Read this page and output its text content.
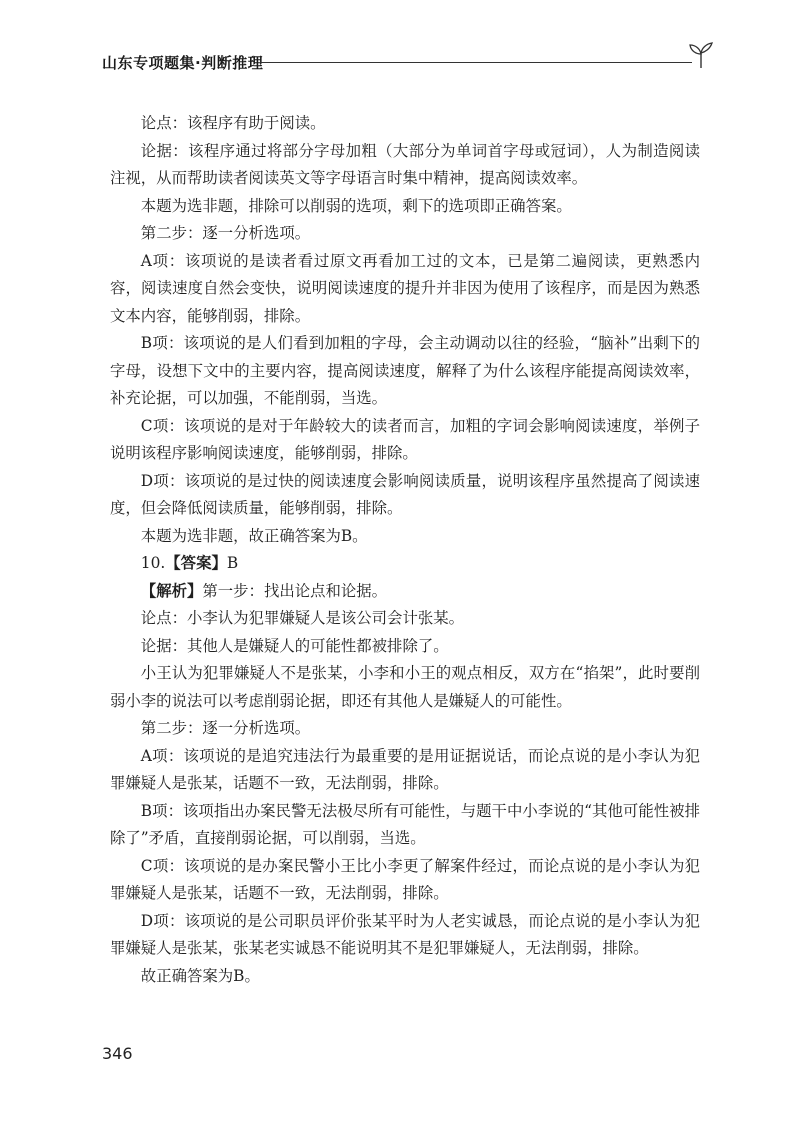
山东专项题集·判断推理

论点：该程序有助于阅读。

论据：该程序通过将部分字母加粗（大部分为单词首字母或冠词），人为制造阅读注视，从而帮助读者阅读英文等字母语言时集中精神，提高阅读效率。

本题为选非题，排除可以削弱的选项，剩下的选项即正确答案。

第二步：逐一分析选项。

A项：该项说的是读者看过原文再看加工过的文本，已是第二遍阅读，更熟悉内容，阅读速度自然会变快，说明阅读速度的提升并非因为使用了该程序，而是因为熟悉文本内容，能够削弱，排除。

B项：该项说的是人们看到加粗的字母，会主动调动以往的经验，“脑补”出剩下的字母，设想下文中的主要内容，提高阅读速度，解释了为什么该程序能提高阅读效率，补充论据，可以加强，不能削弱，当选。

C项：该项说的是对于年龄较大的读者而言，加粗的字词会影响阅读速度，举例子说明该程序影响阅读速度，能够削弱，排除。

D项：该项说的是过快的阅读速度会影响阅读质量，说明该程序虽然提高了阅读速度，但会降低阅读质量，能够削弱，排除。

本题为选非题，故正确答案为B。

10.【答案】B

【解析】第一步：找出论点和论据。

论点：小李认为犯罪嫌疑人是该公司会计张某。

论据：其他人是嫌疑人的可能性都被排除了。

小王认为犯罪嫌疑人不是张某，小李和小王的观点相反，双方在“掐架”，此时要削弱小李的说法可以考虑削弱论据，即还有其他人是嫌疑人的可能性。

第二步：逐一分析选项。

A项：该项说的是追究违法行为最重要的是用证据说话，而论点说的是小李认为犯罪嫌疑人是张某，话题不一致，无法削弱，排除。

B项：该项指出办案民警无法极尽所有可能性，与题干中小李说的“其他可能性被排除了”矛盾，直接削弱论据，可以削弱，当选。

C项：该项说的是办案民警小王比小李更了解案件经过，而论点说的是小李认为犯罪嫌疑人是张某，话题不一致，无法削弱，排除。

D项：该项说的是公司职员评价张某平时为人老实诚恳，而论点说的是小李认为犯罪嫌疑人是张某，张某老实诚恳不能说明其不是犯罪嫌疑人，无法削弱，排除。

故正确答案为B。

346
